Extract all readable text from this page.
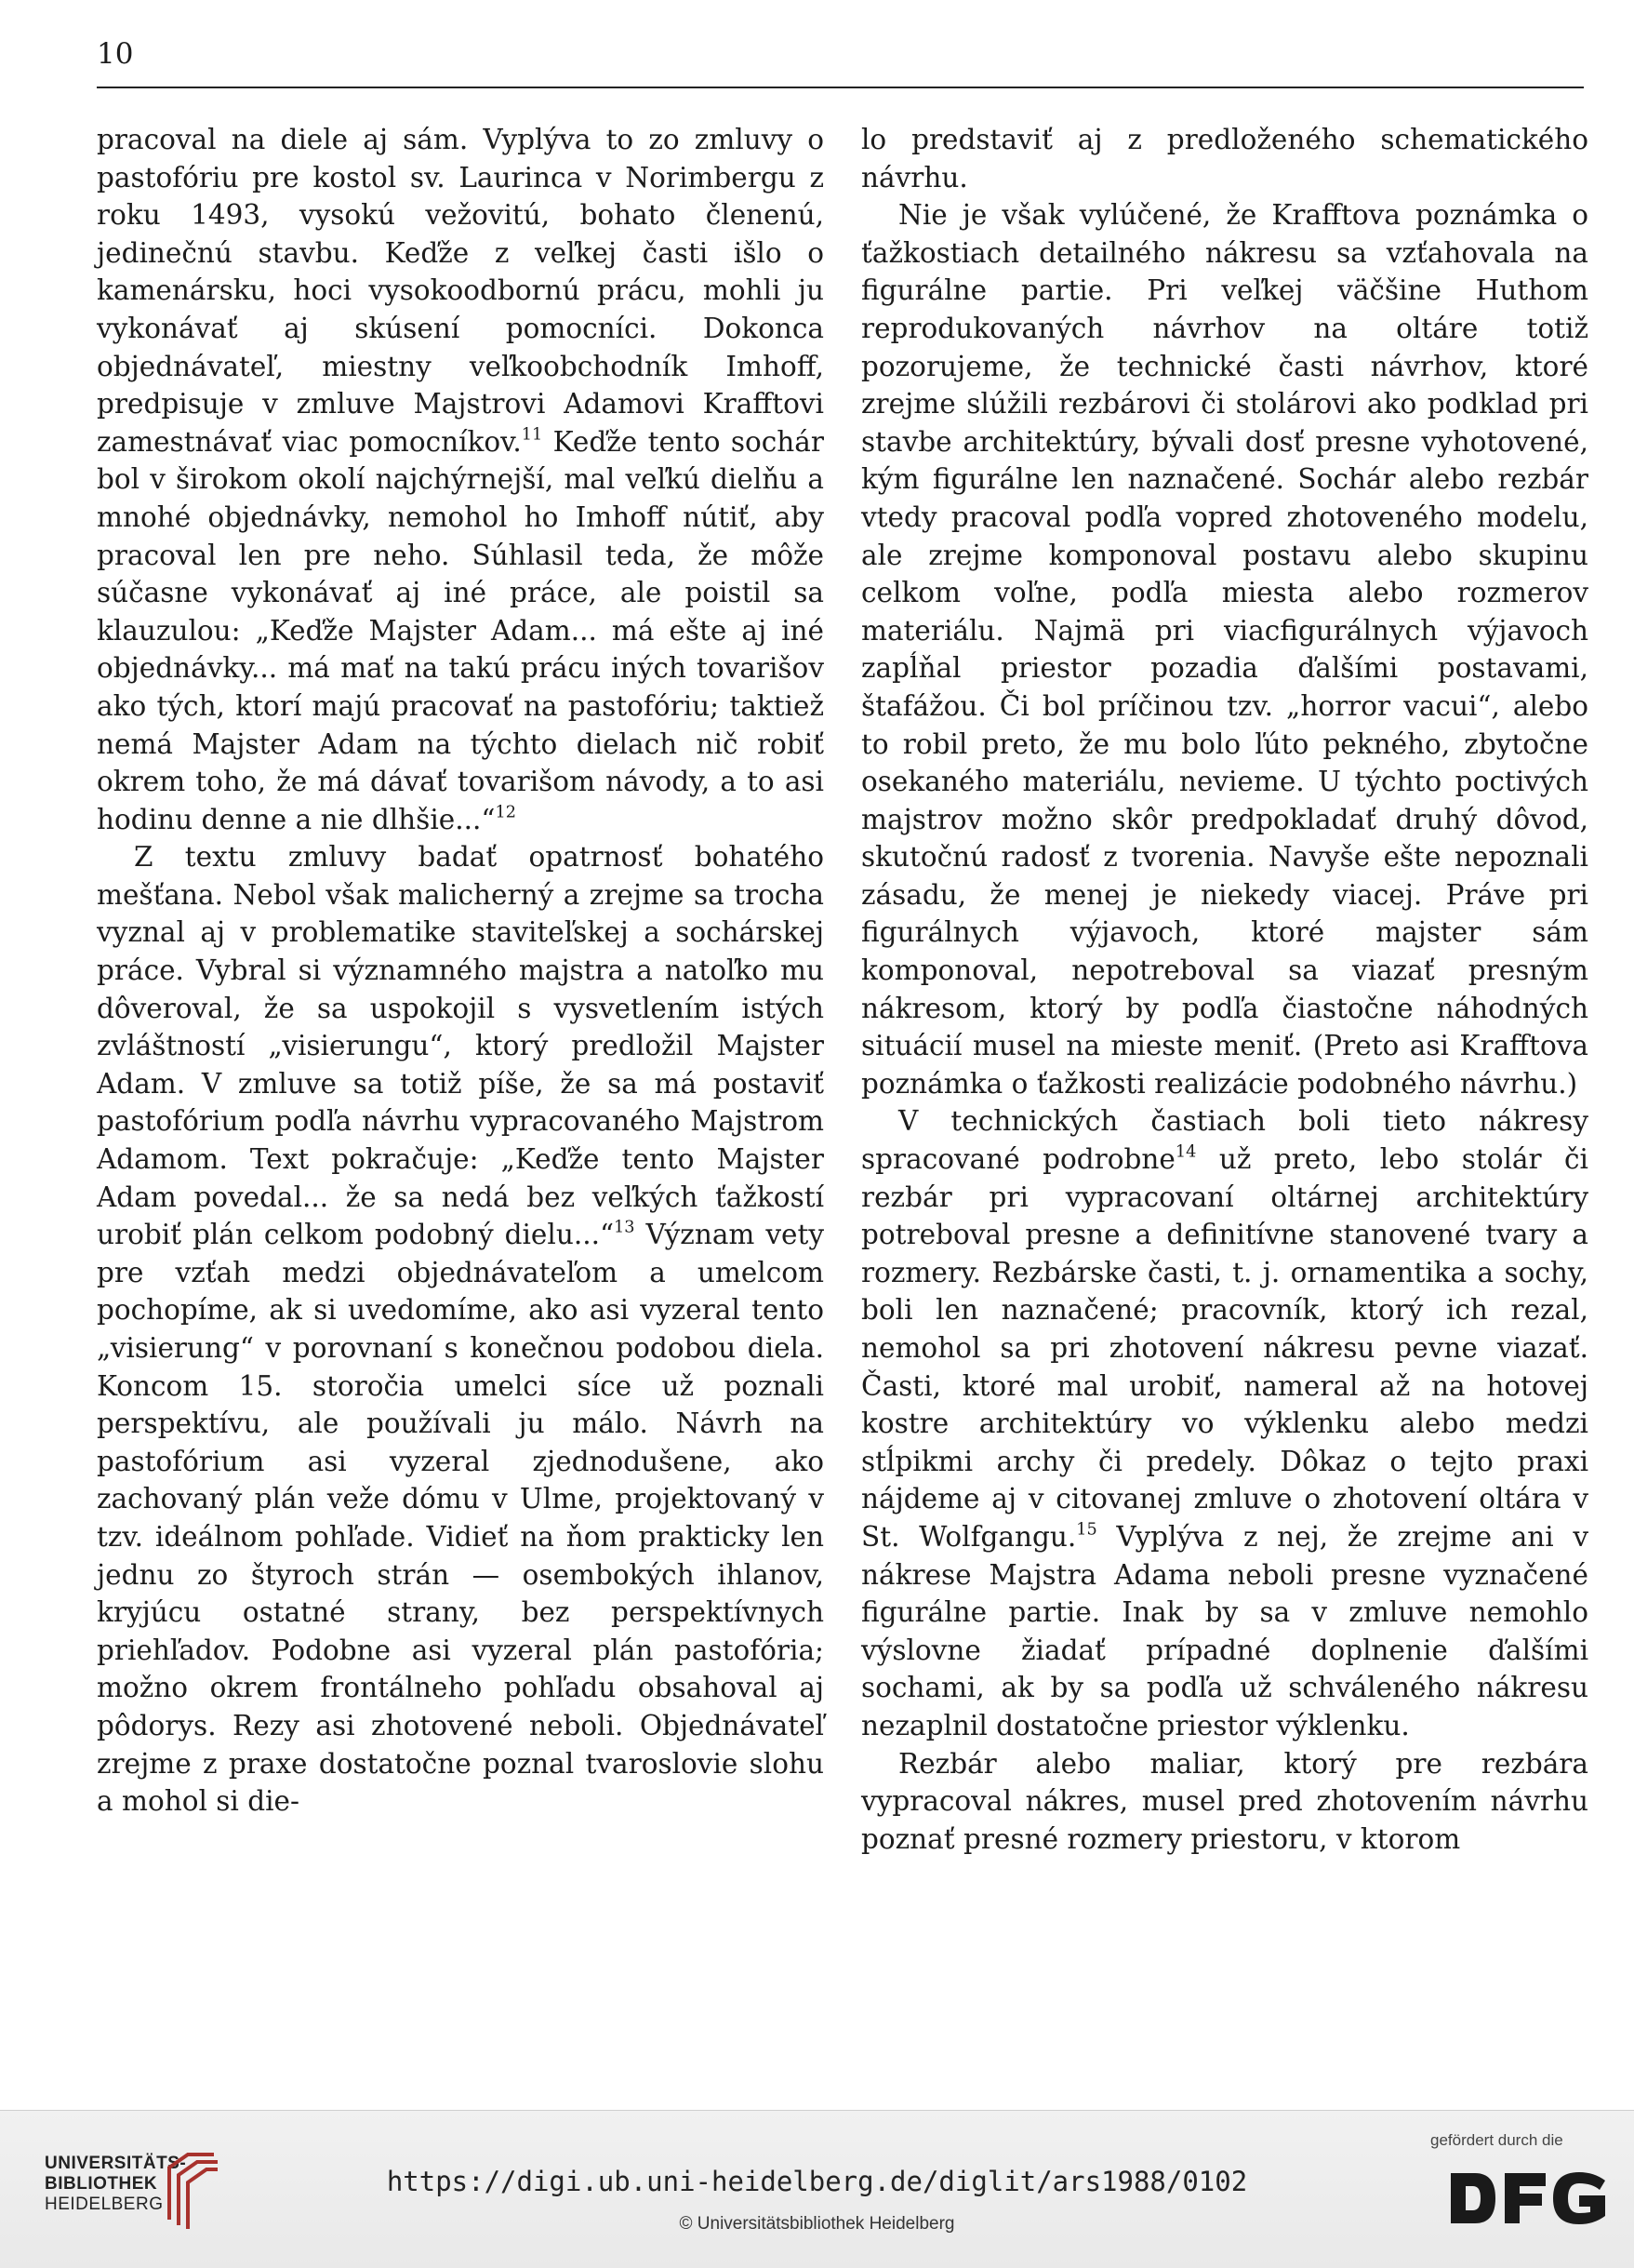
10

pracoval na diele aj sám. Vyplýva to zo zmluvy o pastofóriu pre kostol sv. Laurinca v Norimbergu z roku 1493, vysokú vežovitú, bohato členenú, jedinečnú stavbu. Keďže z veľkej časti išlo o kamenársku, hoci vysokoodbornú prácu, mohli ju vykonávať aj skúsení pomocníci. Dokonca objednávateľ, miestny veľkoobchodník Imhoff, predpisuje v zmluve Majstrovi Adamovi Krafftovi zamestnávať viac pomocníkov.$^{11}$ Keďže tento sochár bol v širokom okolí najchýrnejší, mal veľkú dielňu a mnohé objednávky, nemohol ho Imhoff nútiť, aby pracoval len pre neho. Súhlasil teda, že môže súčasne vykonávať aj iné práce, ale poistil sa klauzulou: „Keďže Majster Adam... má ešte aj iné objednávky... má mať na takú prácu iných tovarišov ako tých, ktorí majú pracovať na pastofóriu; taktiež nemá Majster Adam na týchto dielach nič robiť okrem toho, že má dávať tovarišom návody, a to asi hodinu denne a nie dlhšie...“$^{12}$

Z textu zmluvy badať opatrnosť bohatého mešťana. Nebol však malicherný a zrejme sa trocha vyznal aj v problematike staviteľskej a sochárskej práce. Vybral si významného majstra a natoľko mu dôveroval, že sa uspokojil s vysvetlením istých zvláštností „visierungu“, ktorý predložil Majster Adam. V zmluve sa totiž píše, že sa má postaviť pastofórium podľa návrhu vypracovaného Majstrom Adamom. Text pokračuje: „Keďže tento Majster Adam povedal... že sa nedá bez veľkých ťažkostí urobiť plán celkom podobný dielu...“$^{13}$ Význam vety pre vzťah medzi objednávateľom a umelcom pochopíme, ak si uvedomíme, ako asi vyzeral tento „visierung“ v porovnaní s konečnou podobou diela. Koncom 15. storočia umelci síce už poznali perspektívu, ale používali ju málo. Návrh na pastofórium asi vyzeral zjednodušene, ako zachovaný plán veže dómu v Ulme, projektovaný v tzv. ideálnom pohľade. Vidieť na ňom prakticky len jednu zo štyroch strán — osembokých ihlanov, kryjúcu ostatné strany, bez perspektívnych priehľadov. Podobne asi vyzeral plán pastofória; možno okrem frontálneho pohľadu obsahoval aj pôdorys. Rezy asi zhotovené neboli. Objednávateľ zrejme z praxe dostatočne poznal tvaroslovie slohu a mohol si die-

lo predstaviť aj z predloženého schematického návrhu.

Nie je však vylúčené, že Krafftova poznámka o ťažkostiach detailného nákresu sa vzťahovala na figurálne partie. Pri veľkej väčšine Huthom reprodukovaných návrhov na oltáre totiž pozorujeme, že technické časti návrhov, ktoré zrejme slúžili rezbárovi či stolárovi ako podklad pri stavbe architektúry, bývali dosť presne vyhotovené, kým figurálne len naznačené. Sochár alebo rezbár vtedy pracoval podľa vopred zhotoveného modelu, ale zrejme komponoval postavu alebo skupinu celkom voľne, podľa miesta alebo rozmerov materiálu. Najmä pri viacfigurálnych výjavoch zapĺňal priestor pozadia ďalšími postavami, štafážou. Či bol príčinou tzv. „horror vacui“, alebo to robil preto, že mu bolo ľúto pekného, zbytočne osekaného materiálu, nevieme. U týchto poctivých majstrov možno skôr predpokladať druhý dôvod, skutočnú radosť z tvorenia. Navyše ešte nepoznali zásadu, že menej je niekedy viacej. Práve pri figurálnych výjavoch, ktoré majster sám komponoval, nepotreboval sa viazať presným nákresom, ktorý by podľa čiastočne náhodných situácií musel na mieste meniť. (Preto asi Krafftova poznámka o ťažkosti realizácie podobného návrhu.)

V technických častiach boli tieto nákresy spracované podrobne$^{14}$ už preto, lebo stolár či rezbár pri vypracovaní oltárnej architektúry potreboval presne a definitívne stanovené tvary a rozmery. Rezbárske časti, t. j. ornamentika a sochy, boli len naznačené; pracovník, ktorý ich rezal, nemohol sa pri zhotovení nákresu pevne viazať. Časti, ktoré mal urobiť, nameral až na hotovej kostre architektúry vo výklenku alebo medzi stĺpikmi archy či predely. Dôkaz o tejto praxi nájdeme aj v citovanej zmluve o zhotovení oltára v St. Wolfgangu.$^{15}$ Vyplýva z nej, že zrejme ani v nákrese Majstra Adama neboli presne vyznačené figurálne partie. Inak by sa v zmluve nemohlo výslovne žiadať prípadné doplnenie ďalšími sochami, ak by sa podľa už schváleného nákresu nezaplnil dostatočne priestor výklenku.

Rezbár alebo maliar, ktorý pre rezbára vypracoval nákres, musel pred zhotovením návrhu poznať presné rozmery priestoru, v ktorom

UNIVERSITÄTS-
BIBLIOTHEK
HEIDELBERG
https://digi.ub.uni-heidelberg.de/diglit/ars1988/0102
© Universitätsbibliothek Heidelberg
gefördert durch die
